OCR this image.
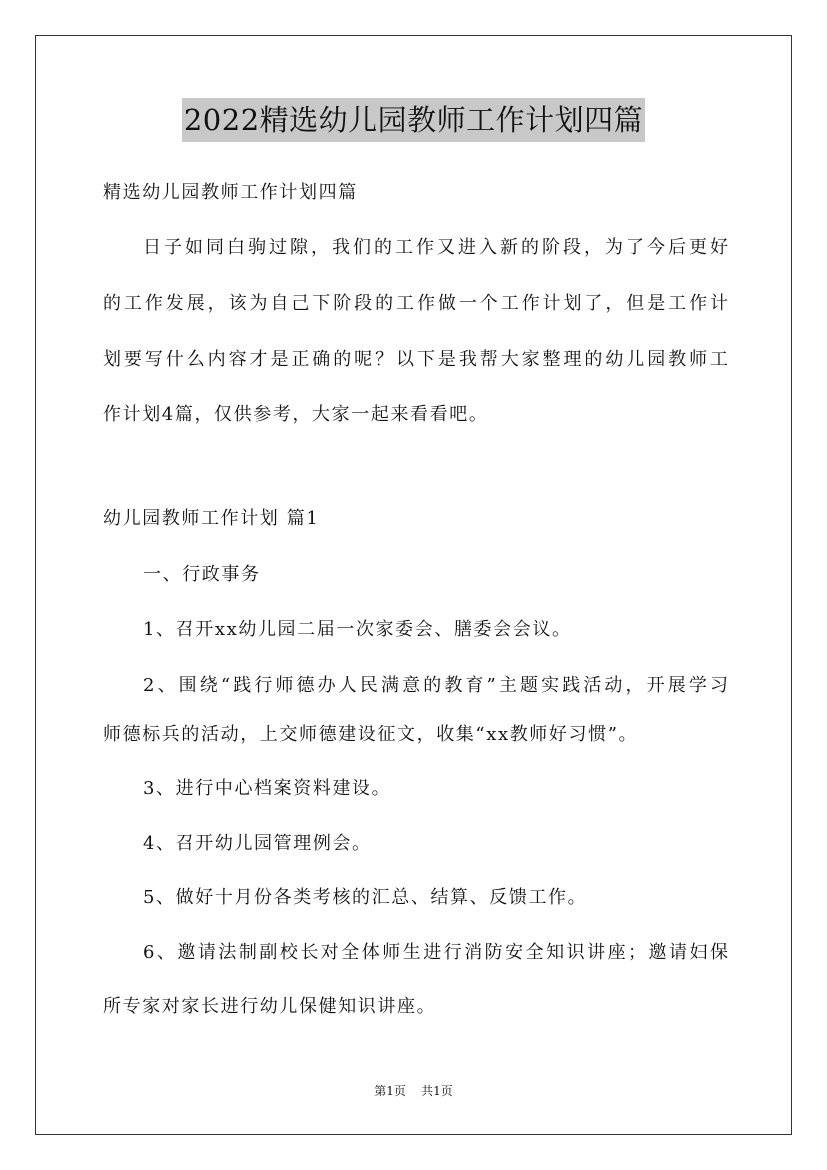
2022精选幼儿园教师工作计划四篇
精选幼儿园教师工作计划四篇
日子如同白驹过隙，我们的工作又进入新的阶段，为了今后更好
的工作发展，该为自己下阶段的工作做一个工作计划了，但是工作计
划要写什么内容才是正确的呢？以下是我帮大家整理的幼儿园教师工
作计划4篇，仅供参考，大家一起来看看吧。
幼儿园教师工作计划 篇1
一、行政事务
1、召开xx幼儿园二届一次家委会、膳委会会议。
2、围绕“践行师德办人民满意的教育”主题实践活动，开展学习
师德标兵的活动，上交师德建设征文，收集“xx教师好习惯”。
3、进行中心档案资料建设。
4、召开幼儿园管理例会。
5、做好十月份各类考核的汇总、结算、反馈工作。
6、邀请法制副校长对全体师生进行消防安全知识讲座；邀请妇保
所专家对家长进行幼儿保健知识讲座。
第1页 共1页
